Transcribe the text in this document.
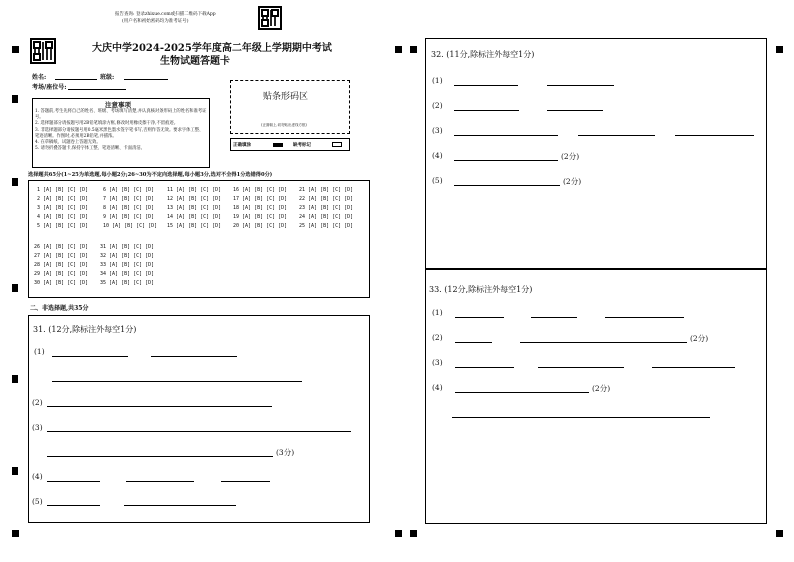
报告查询: 登录zhixue.com或扫描二维码下载App
(用户名和初始密码均为准考证号)
大庆中学2024-2025学年度高二年级上学期期中考试
生物试题答题卡
姓名:	班级:
考场/座位号:
注意事项
1. 答题前,考生先将自己的姓名、班级、考场填写清楚,并认真核对条形码上的姓名和准考证号。
2. 选择题部分请按题号用2B铅笔填涂方框,修改时用橡皮擦干净,不留痕迹。
3. 非选择题部分请按题号用0.5毫米黑色墨水签字笔书写,否则作答无效。要求字体工整、笔迹清晰。作图时,必须用2B铅笔,并描浓。
4. 在草稿纸、试题卷上答题无效。
5. 请勿折叠答题卡,保持字体工整、笔迹清晰、卡面清洁。
贴条形码区
(正面朝上,切勿贴出虚线方框)
正确填涂	缺考标记
选择题共65分(1~25为单选题,每小题2分;26~30为不定向选择题,每小题3分,选对不全得1分选错得0分)
1 [A] [B] [C] [D]
2 [A] [B] [C] [D]
3 [A] [B] [C] [D]
4 [A] [B] [C] [D]
5 [A] [B] [C] [D]
6 [A] [B] [C] [D]
7 [A] [B] [C] [D]
8 [A] [B] [C] [D]
9 [A] [B] [C] [D]
10 [A] [B] [C] [D]
11 [A] [B] [C] [D]
12 [A] [B] [C] [D]
13 [A] [B] [C] [D]
14 [A] [B] [C] [D]
15 [A] [B] [C] [D]
16 [A] [B] [C] [D]
17 [A] [B] [C] [D]
18 [A] [B] [C] [D]
19 [A] [B] [C] [D]
20 [A] [B] [C] [D]
21 [A] [B] [C] [D]
22 [A] [B] [C] [D]
23 [A] [B] [C] [D]
24 [A] [B] [C] [D]
25 [A] [B] [C] [D]
26 [A] [B] [C] [D]
27 [A] [B] [C] [D]
28 [A] [B] [C] [D]
29 [A] [B] [C] [D]
30 [A] [B] [C] [D]
31 [A] [B] [C] [D]
32 [A] [B] [C] [D]
33 [A] [B] [C] [D]
34 [A] [B] [C] [D]
35 [A] [B] [C] [D]
二、非选择题,共35分
31. (12分,除标注外每空1分)
(1)
(2)
(3)
(3分)
(4)
(5)
32. (11分,除标注外每空1分)
(1)
(2)
(3)
(4)	(2分)
(5)	(2分)
33. (12分,除标注外每空1分)
(1)
(2)	(2分)
(3)
(4)	(2分)
